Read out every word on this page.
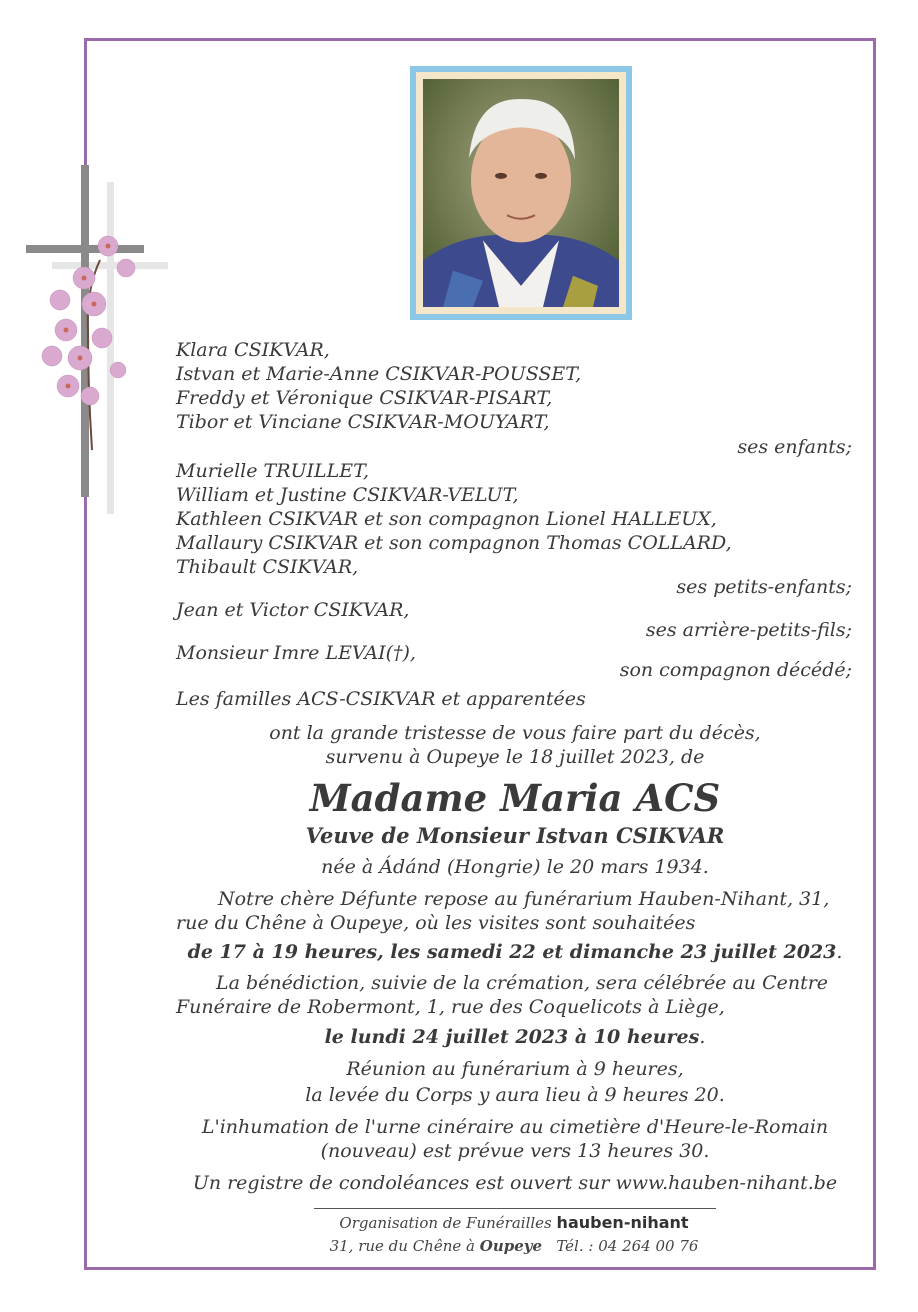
Klara CSIKVAR,
Istvan et Marie-Anne CSIKVAR-POUSSET,
Freddy et Véronique CSIKVAR-PISART,
Tibor et Vinciane CSIKVAR-MOUYART,
ses enfants;
Murielle TRUILLET,
William et Justine CSIKVAR-VELUT,
Kathleen CSIKVAR et son compagnon Lionel HALLEUX,
Mallaury CSIKVAR et son compagnon Thomas COLLARD,
Thibault CSIKVAR,
ses petits-enfants;
Jean et Victor CSIKVAR,
ses arrière-petits-fils;
Monsieur Imre LEVAI(†),
son compagnon décédé;
Les familles ACS-CSIKVAR et apparentées
ont la grande tristesse de vous faire part du décès,
survenu à Oupeye le 18 juillet 2023, de
Madame Maria ACS
Veuve de Monsieur Istvan CSIKVAR
née à Ádánd (Hongrie) le 20 mars 1934.
Notre chère Défunte repose au funérarium Hauben-Nihant, 31,
rue du Chêne à Oupeye, où les visites sont souhaitées
de 17 à 19 heures, les samedi 22 et dimanche 23 juillet 2023.
La bénédiction, suivie de la crémation, sera célébrée au Centre
Funéraire de Robermont, 1, rue des Coquelicots à Liège,
le lundi 24 juillet 2023 à 10 heures.
Réunion au funérarium à 9 heures,
la levée du Corps y aura lieu à 9 heures 20.
L'inhumation de l'urne cinéraire au cimetière d'Heure-le-Romain
(nouveau) est prévue vers 13 heures 30.
Un registre de condoléances est ouvert sur www.hauben-nihant.be
Organisation de Funérailles hauben-nihant
31, rue du Chêne à Oupeye Tél. : 04 264 00 76
